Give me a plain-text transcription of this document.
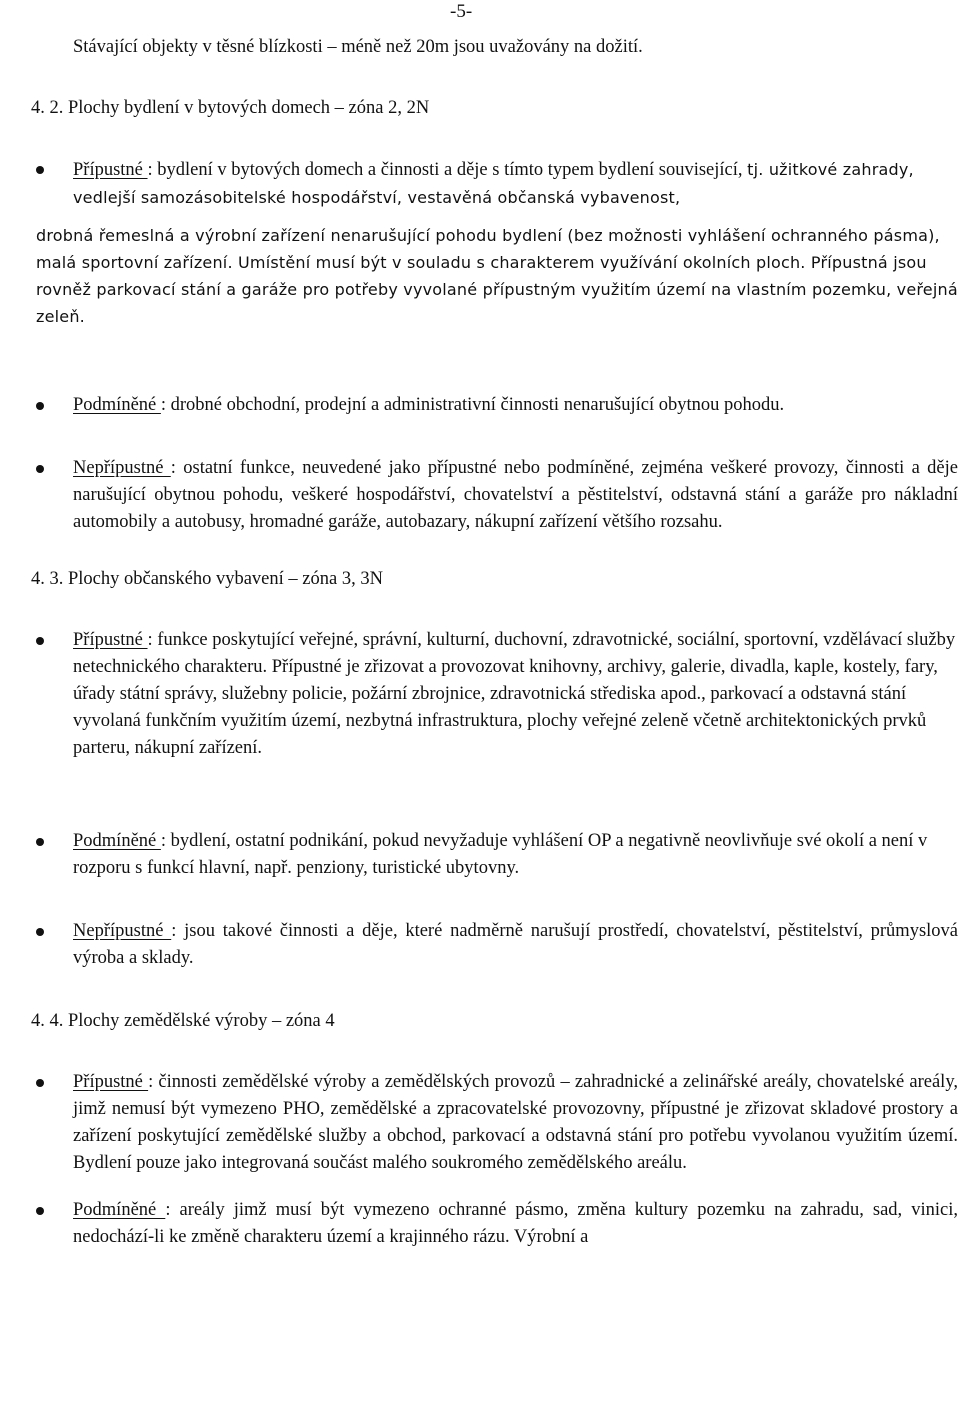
-5-

Stávající objekty v těsné blízkosti – méně než 20m jsou uvažovány na dožití.

4. 2. Plochy bydlení v bytových domech – zóna 2, 2N
Přípustné : bydlení v bytových domech a činnosti a děje s tímto typem bydlení související, tj. užitkové zahrady, vedlejší samozásobitelské hospodářství, vestavěná občanská vybavenost,
drobná řemeslná a výrobní zařízení nenarušující pohodu bydlení (bez možnosti vyhlášení ochranného pásma), malá sportovní zařízení. Umístění musí být v souladu s charakterem využívání okolních ploch. Přípustná jsou rovněž parkovací stání a garáže pro potřeby vyvolané přípustným využitím území na vlastním pozemku, veřejná zeleň.
Podmíněné : drobné obchodní, prodejní a administrativní činnosti nenarušující obytnou pohodu.
Nepřípustné : ostatní funkce, neuvedené jako přípustné nebo podmíněné, zejména veškeré provozy, činnosti a děje narušující obytnou pohodu, veškeré hospodářství, chovatelství a pěstitelství, odstavná stání a garáže pro nákladní automobily a autobusy, hromadné garáže, autobazary, nákupní zařízení většího rozsahu.
4. 3. Plochy občanského vybavení – zóna 3, 3N
Přípustné : funkce poskytující veřejné, správní, kulturní, duchovní, zdravotnické, sociální, sportovní, vzdělávací služby netechnického charakteru. Přípustné je zřizovat a provozovat knihovny, archivy, galerie, divadla, kaple, kostely, fary, úřady státní správy, služebny policie, požární zbrojnice, zdravotnická střediska apod., parkovací a odstavná stání vyvolaná funkčním využitím území, nezbytná infrastruktura, plochy veřejné zeleně včetně architektonických prvků parteru, nákupní zařízení.
Podmíněné : bydlení, ostatní podnikání, pokud nevyžaduje vyhlášení OP a negativně neovlivňuje své okolí a není v rozporu s funkcí hlavní, např. penziony, turistické ubytovny.
Nepřípustné : jsou takové činnosti a děje, které nadměrně narušují prostředí, chovatelství, pěstitelství, průmyslová výroba a sklady.
4. 4. Plochy zemědělské výroby – zóna 4
Přípustné : činnosti zemědělské výroby a zemědělských provozů – zahradnické a zelinářské areály, chovatelské areály, jimž nemusí být vymezeno PHO, zemědělské a zpracovatelské provozovny, přípustné je zřizovat skladové prostory a zařízení poskytující zemědělské služby a obchod, parkovací a odstavná stání pro potřebu vyvolanou využitím území. Bydlení pouze jako integrovaná součást malého soukromého zemědělského areálu.
Podmíněné : areály jimž musí být vymezeno ochranné pásmo, změna kultury pozemku na zahradu, sad, vinici, nedochází-li ke změně charakteru území a krajinného rázu. Výrobní a
